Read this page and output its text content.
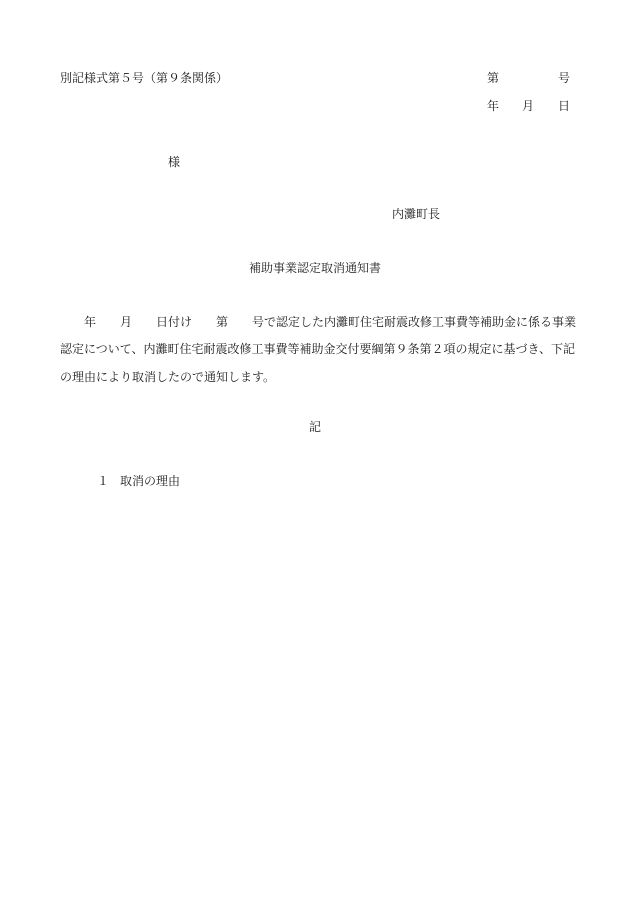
別記様式第５号（第９条関係）	第	号
年 月 日
様
内灘町長
補助事業認定取消通知書
年　　月　　日付け　　第　　号で認定した内灘町住宅耐震改修工事費等補助金に係る事業
認定について、内灘町住宅耐震改修工事費等補助金交付要綱第９条第２項の規定に基づき、下記
の理由により取消したので通知します。
記
１ 取消の理由
